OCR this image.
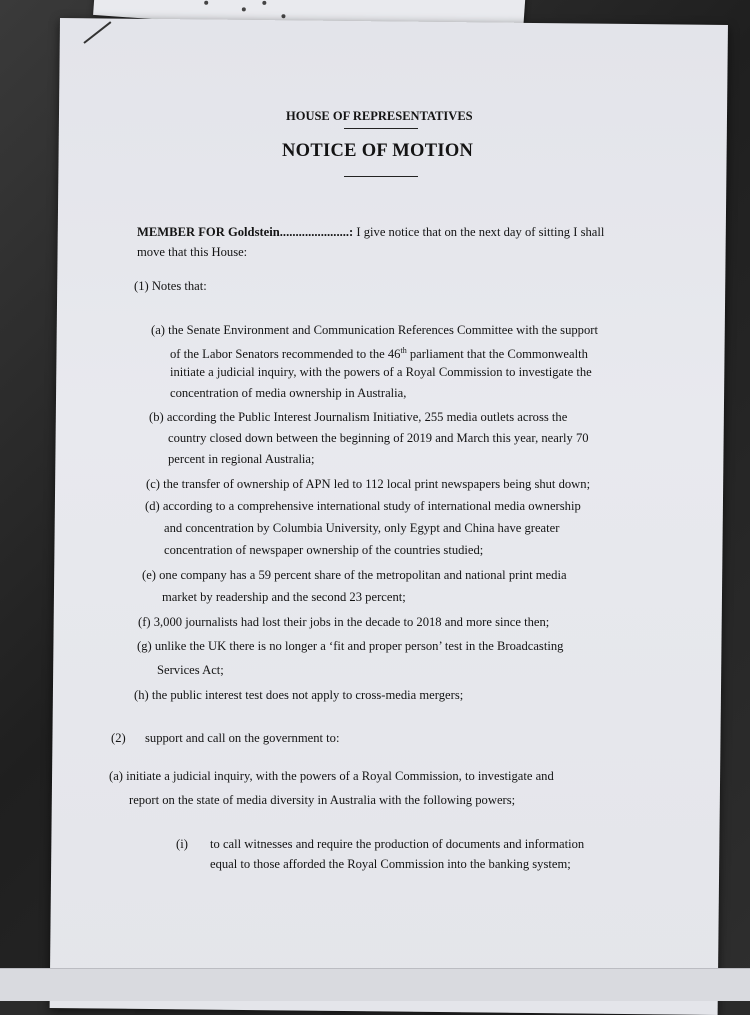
HOUSE OF REPRESENTATIVES
NOTICE OF MOTION
MEMBER FOR Goldstein......................: I give notice that on the next day of sitting I shall
move that this House:
(1) Notes that:
(a) the Senate Environment and Communication References Committee with the support
of the Labor Senators recommended to the 46th parliament that the Commonwealth
initiate a judicial inquiry, with the powers of a Royal Commission to investigate the
concentration of media ownership in Australia,
(b) according the Public Interest Journalism Initiative, 255 media outlets across the
country closed down between the beginning of 2019 and March this year, nearly 70
percent in regional Australia;
(c) the transfer of ownership of APN led to 112 local print newspapers being shut down;
(d) according to a comprehensive international study of international media ownership
and concentration by Columbia University, only Egypt and China have greater
concentration of newspaper ownership of the countries studied;
(e) one company has a 59 percent share of the metropolitan and national print media
market by readership and the second 23 percent;
(f) 3,000 journalists had lost their jobs in the decade to 2018 and more since then;
(g) unlike the UK there is no longer a ‘fit and proper person’ test in the Broadcasting
Services Act;
(h) the public interest test does not apply to cross-media mergers;
(2) support and call on the government to:
(a) initiate a judicial inquiry, with the powers of a Royal Commission, to investigate and
report on the state of media diversity in Australia with the following powers;
(i) to call witnesses and require the production of documents and information
equal to those afforded the Royal Commission into the banking system;
